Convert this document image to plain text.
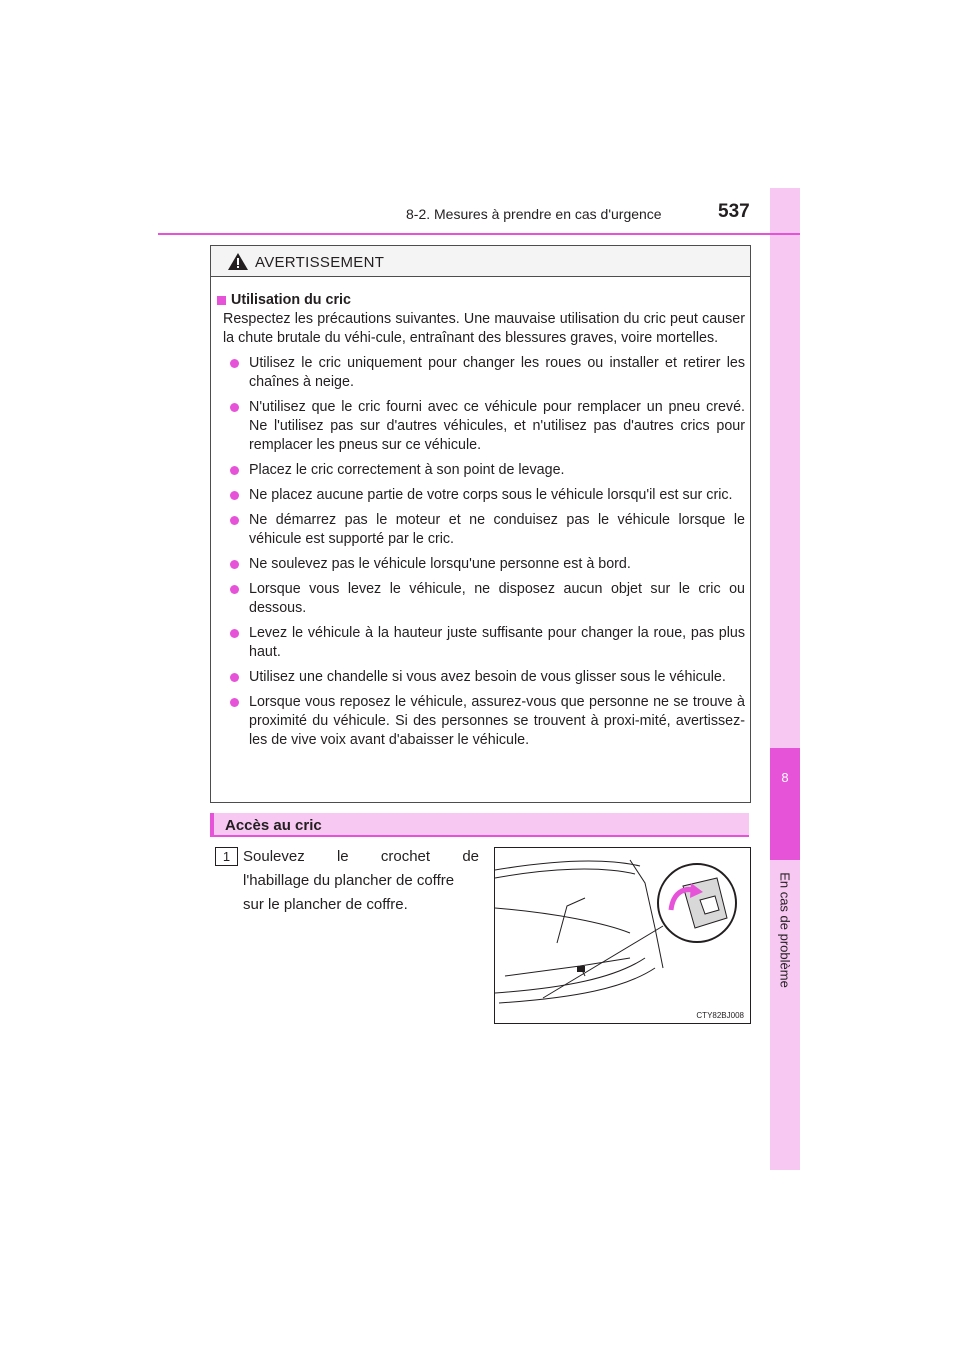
8
En cas de problème
8-2. Mesures à prendre en cas d'urgence	537
AVERTISSEMENT
Utilisation du cric
Respectez les précautions suivantes. Une mauvaise utilisation du cric peut causer la chute brutale du véhi-cule, entraînant des blessures graves, voire mortelles.
Utilisez le cric uniquement pour changer les roues ou installer et retirer les chaînes à neige.
N'utilisez que le cric fourni avec ce véhicule pour remplacer un pneu crevé. Ne l'utilisez pas sur d'autres véhicules, et n'utilisez pas d'autres crics pour remplacer les pneus sur ce véhicule.
Placez le cric correctement à son point de levage.
Ne placez aucune partie de votre corps sous le véhicule lorsqu'il est sur cric.
Ne démarrez pas le moteur et ne conduisez pas le véhicule lorsque le véhicule est supporté par le cric.
Ne soulevez pas le véhicule lorsqu'une personne est à bord.
Lorsque vous levez le véhicule, ne disposez aucun objet sur le cric ou dessous.
Levez le véhicule à la hauteur juste suffisante pour changer la roue, pas plus haut.
Utilisez une chandelle si vous avez besoin de vous glisser sous le véhicule.
Lorsque vous reposez le véhicule, assurez-vous que personne ne se trouve à proximité du véhicule. Si des personnes se trouvent à proxi-mité, avertissez-les de vive voix avant d'abaisser le véhicule.
Accès au cric
1 Soulevez le crochet de
l'habillage du plancher de coffre
sur le plancher de coffre.
CTY82BJ008
